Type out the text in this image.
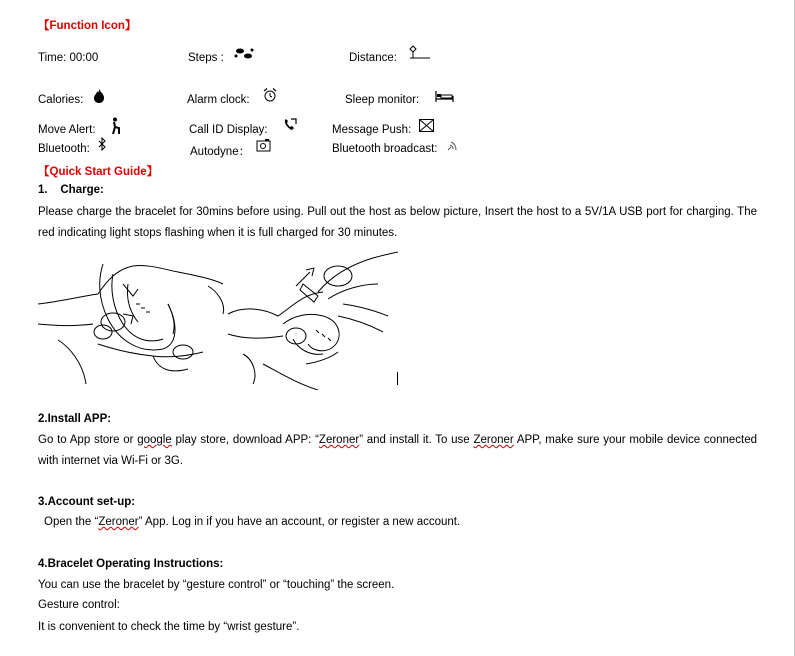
【Function Icon】
Time: 00:00	Steps :	Distance:
Calories:	Alarm clock:	Sleep monitor:
Move Alert:	Call ID Display:	Message Push:
Bluetooth:	Autodyne：	Bluetooth broadcast:
【Quick Start Guide】
1.    Charge:
Please charge the bracelet for 30mins before using. Pull out the host as below picture, Insert the host to a 5V/1A USB port for charging. The red indicating light stops flashing when it is full charged for 30 minutes.
2.Install APP:
Go to App store or google play store, download APP: “Zeroner” and install it. To use Zeroner APP, make sure your mobile device connected with internet via Wi-Fi or 3G.
3.Account set-up:
Open the “Zeroner” App. Log in if you have an account, or register a new account.
4.Bracelet Operating Instructions:
You can use the bracelet by “gesture control” or “touching” the screen.
Gesture control:
It is convenient to check the time by “wrist gesture”.
